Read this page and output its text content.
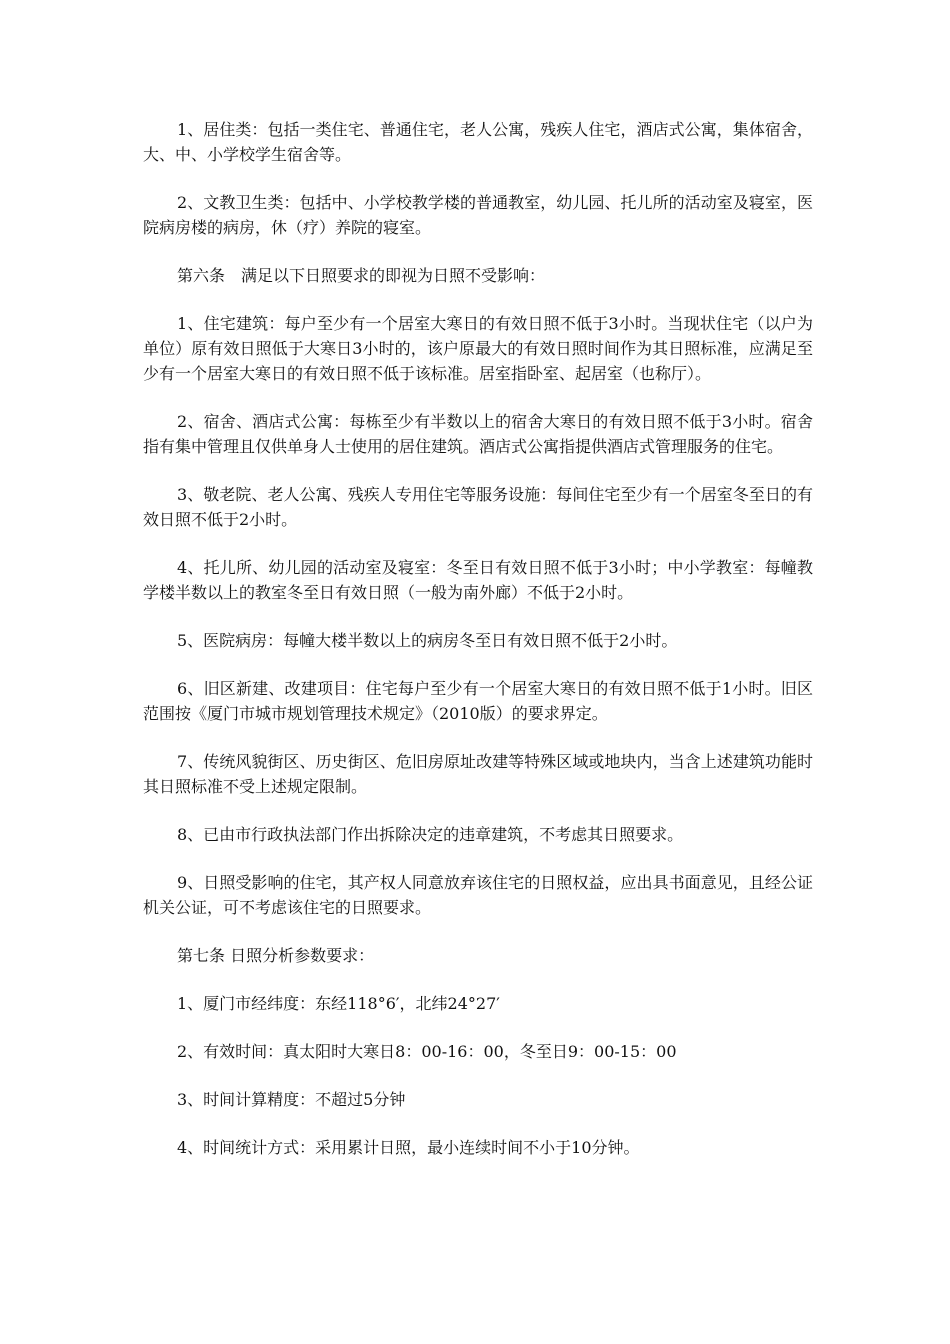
1、居住类：包括一类住宅、普通住宅，老人公寓，残疾人住宅，酒店式公寓，集体宿舍，大、中、小学校学生宿舍等。

2、文教卫生类：包括中、小学校教学楼的普通教室，幼儿园、托儿所的活动室及寝室，医院病房楼的病房，休（疗）养院的寝室。

第六条　满足以下日照要求的即视为日照不受影响：

1、住宅建筑：每户至少有一个居室大寒日的有效日照不低于3小时。当现状住宅（以户为单位）原有效日照低于大寒日3小时的，该户原最大的有效日照时间作为其日照标准，应满足至少有一个居室大寒日的有效日照不低于该标准。居室指卧室、起居室（也称厅）。

2、宿舍、酒店式公寓：每栋至少有半数以上的宿舍大寒日的有效日照不低于3小时。宿舍指有集中管理且仅供单身人士使用的居住建筑。酒店式公寓指提供酒店式管理服务的住宅。

3、敬老院、老人公寓、残疾人专用住宅等服务设施：每间住宅至少有一个居室冬至日的有效日照不低于2小时。

4、托儿所、幼儿园的活动室及寝室：冬至日有效日照不低于3小时；中小学教室：每幢教学楼半数以上的教室冬至日有效日照（一般为南外廊）不低于2小时。

5、医院病房：每幢大楼半数以上的病房冬至日有效日照不低于2小时。

6、旧区新建、改建项目：住宅每户至少有一个居室大寒日的有效日照不低于1小时。旧区范围按《厦门市城市规划管理技术规定》（2010版）的要求界定。

7、传统风貌街区、历史街区、危旧房原址改建等特殊区域或地块内，当含上述建筑功能时其日照标准不受上述规定限制。

8、已由市行政执法部门作出拆除决定的违章建筑，不考虑其日照要求。

9、日照受影响的住宅，其产权人同意放弃该住宅的日照权益，应出具书面意见，且经公证机关公证，可不考虑该住宅的日照要求。

第七条 日照分析参数要求：

1、厦门市经纬度：东经118°6′，北纬24°27′

2、有效时间：真太阳时大寒日8：00-16：00，冬至日9：00-15：00

3、时间计算精度：不超过5分钟

4、时间统计方式：采用累计日照，最小连续时间不小于10分钟。
